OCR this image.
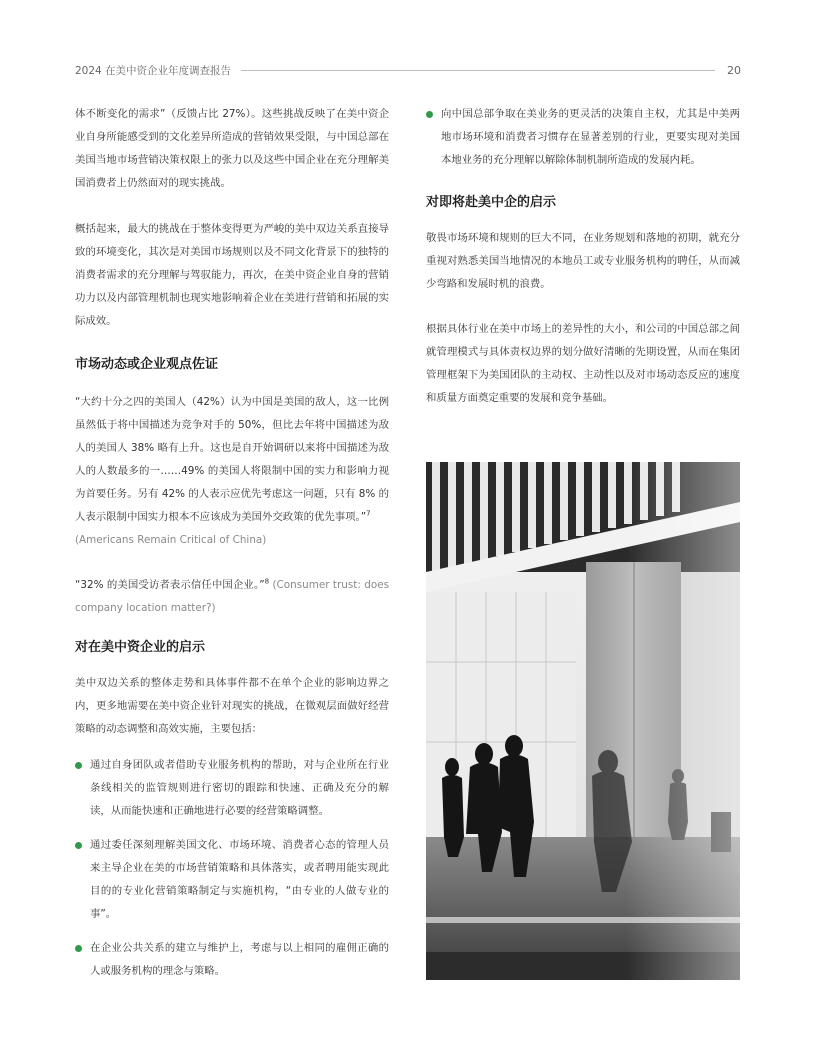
2024 在美中资企业年度调查报告	20

体不断变化的需求”（反馈占比 27%）。这些挑战反映了在美中资企业自身所能感受到的文化差异所造成的营销效果受限，与中国总部在美国当地市场营销决策权限上的张力以及这些中国企业在充分理解美国消费者上仍然面对的现实挑战。

概括起来，最大的挑战在于整体变得更为严峻的美中双边关系直接导致的环境变化，其次是对美国市场规则以及不同文化背景下的独特的消费者需求的充分理解与驾驭能力，再次，在美中资企业自身的营销功力以及内部管理机制也现实地影响着企业在美进行营销和拓展的实际成效。

市场动态或企业观点佐证

“大约十分之四的美国人（42%）认为中国是美国的敌人，这一比例虽然低于将中国描述为竞争对手的 50%，但比去年将中国描述为敌人的美国人 38% 略有上升。这也是自开始调研以来将中国描述为敌人的人数最多的一……49% 的美国人将限制中国的实力和影响力视为首要任务。另有 42% 的人表示应优先考虑这一问题，只有 8% 的人表示限制中国实力根本不应该成为美国外交政策的优先事项。”$^7$
(Americans Remain Critical of China)

“32% 的美国受访者表示信任中国企业。”$^8$ (Consumer trust: does company location matter?)

对在美中资企业的启示

美中双边关系的整体走势和具体事件都不在单个企业的影响边界之内，更多地需要在美中资企业针对现实的挑战，在微观层面做好经营策略的动态调整和高效实施，主要包括：

通过自身团队或者借助专业服务机构的帮助，对与企业所在行业条线相关的监管规则进行密切的跟踪和快速、正确及充分的解读，从而能快速和正确地进行必要的经营策略调整。

通过委任深刻理解美国文化、市场环境、消费者心态的管理人员来主导企业在美的市场营销策略和具体落实，或者聘用能实现此目的的专业化营销策略制定与实施机构，“由专业的人做专业的事”。

在企业公共关系的建立与维护上，考虑与以上相同的雇佣正确的人或服务机构的理念与策略。

向中国总部争取在美业务的更灵活的决策自主权，尤其是中美两地市场环境和消费者习惯存在显著差别的行业，更要实现对美国本地业务的充分理解以解除体制机制所造成的发展内耗。

对即将赴美中企的启示

敬畏市场环境和规则的巨大不同，在业务规划和落地的初期，就充分重视对熟悉美国当地情况的本地员工或专业服务机构的聘任，从而减少弯路和发展时机的浪费。

根据具体行业在美中市场上的差异性的大小，和公司的中国总部之间就管理模式与具体责权边界的划分做好清晰的先期设置，从而在集团管理框架下为美国团队的主动权、主动性以及对市场动态反应的速度和质量方面奠定重要的发展和竞争基础。
